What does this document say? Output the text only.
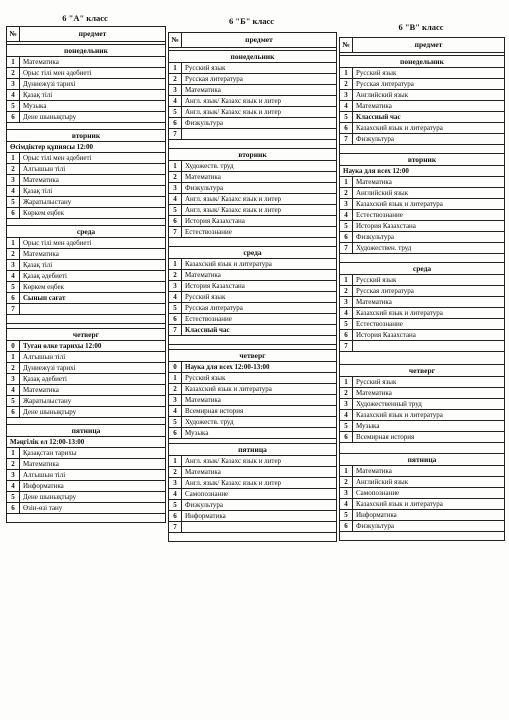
6 "А" класс	6 "Б" класс
6 "В" класс
№	предмет
понедельник
1	Математика
2	Орыс тілі мен әдебиеті
3	Дүниежүзі тарихі
4	Қазақ тілі
5	Музыка
6	Дене шынықтыру
вторник
Өсімдіктер құпиясы 12:00
1	Орыс тілі мен әдебиеті
2	Алгышын тілі
3	Математика
4	Қазақ тілі
5	Жаратылыстану
6	Көркем еңбек
среда
1	Орыс тілі мен әдебиеті
2	Математика
3	Қазақ тілі
4	Қазақ әдебиеті
5	Көркем еңбек
6	Сынып сағат
7
четверг
0	Туған өлке тарихы 12:00
1	Алгышын тілі
2	Дүниежүзі тарихі
3	Қазақ әдебиеті
4	Математика
5	Жаратылыстану
6	Дене шынықтыру
пятница
Мәңгілік ел 12:00-13:00
1	Қазақстан тарихы
2	Математика
3	Алгышын тілі
4	Информатика
5	Дене шынықтыру
6	Өзін-өзі тану
№	предмет
понедельник
1	Русский язык
2	Русская литература
3	Математика
4	Англ. язык/ Казахс язык и литер
5	Англ. язык/ Казахс язык и литер
6	Физкультура
7
вторник
1	Художеств. труд
2	Математика
3	Физкультура
4	Англ. язык/ Казахс язык и литер
5	Англ. язык/ Казахс язык и литер
6	История Казахстана
7	Естествознание
среда
1	Казахский язык и литература
2	Математика
3	История Казахстана
4	Русский язык
5	Русская литература
6	Естествознание
7	Классный час
четверг
0	Наука для всех 12:00-13:00
1	Русский язык
2	Казахский язык и литература
3	Математика
4	Всемирная история
5	Художеств. труд
6	Музыка
пятница
1	Англ. язык/ Казахс язык и литер
2	Математика
3	Англ. язык/ Казахс язык и литер
4	Самопознание
5	Физкультура
6	Информатика
7
№	предмет
понедельник
1	Русский язык
2	Русская литература
3	Английский язык
4	Математика
5	Классный час
6	Казахский язык и литература
7	Физкультура
вторник
Наука для всех 12:00
1	Математика
2	Английский язык
3	Казахский язык и литература
4	Естествознание
5	История Казахстана
6	Физкультура
7	Художествен. труд
среда
1	Русский язык
2	Русская литература
3	Математика
4	Казахский язык и литература
5	Естествознание
6	История Казахстана
7
четверг
1	Русский язык
2	Математика
3	Художественный труд
4	Казахский язык и литература
5	Музыка
6	Всемирная история
пятница
1	Математика
2	Английский язык
3	Самопознание
4	Казахский язык и литература
5	Информатика
6	Физкультура
